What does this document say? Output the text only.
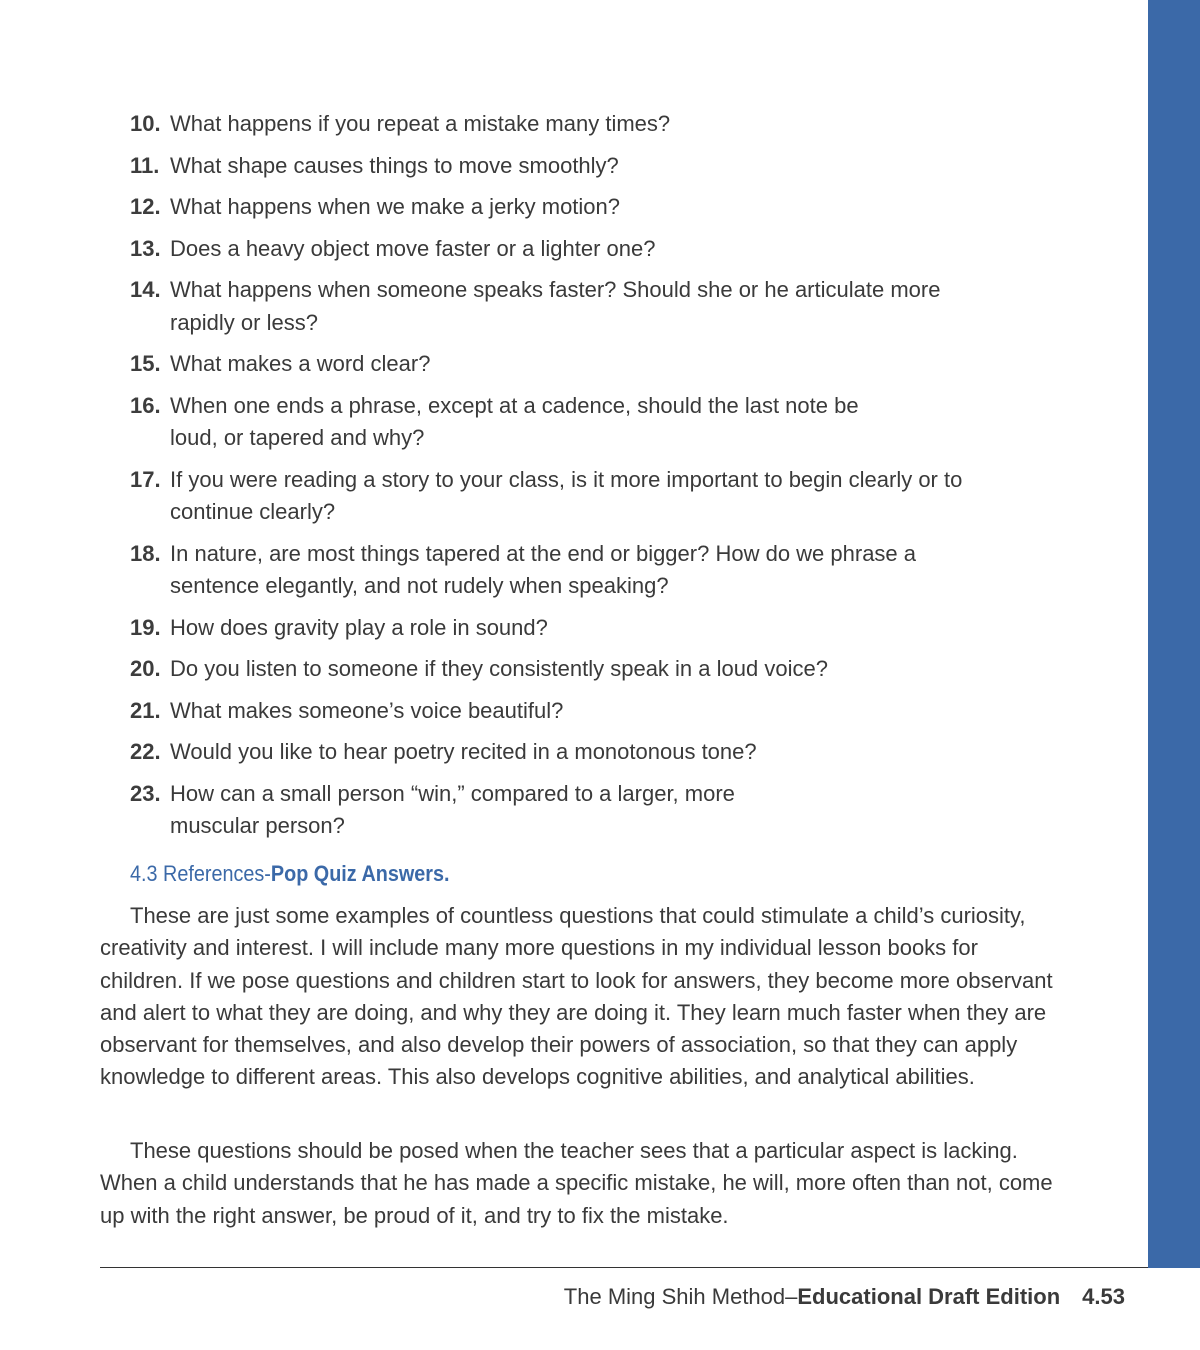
10. What happens if you repeat a mistake many times?
11. What shape causes things to move smoothly?
12. What happens when we make a jerky motion?
13. Does a heavy object move faster or a lighter one?
14. What happens when someone speaks faster? Should she or he articulate more rapidly or less?
15. What makes a word clear?
16. When one ends a phrase, except at a cadence, should the last note be loud, or tapered and why?
17. If you were reading a story to your class, is it more important to begin clearly or to continue clearly?
18. In nature, are most things tapered at the end or bigger? How do we phrase a sentence elegantly, and not rudely when speaking?
19. How does gravity play a role in sound?
20. Do you listen to someone if they consistently speak in a loud voice?
21. What makes someone’s voice beautiful?
22. Would you like to hear poetry recited in a monotonous tone?
23. How can a small person “win,” compared to a larger, more muscular person?
4.3 References-Pop Quiz Answers.

These are just some examples of countless questions that could stimulate a child’s curiosity, creativity and interest. I will include many more questions in my individual lesson books for children. If we pose questions and children start to look for answers, they become more observant and alert to what they are doing, and why they are doing it. They learn much faster when they are observant for themselves, and also develop their powers of association, so that they can apply knowledge to different areas. This also develops cognitive abilities, and analytical abilities.

These questions should be posed when the teacher sees that a particular aspect is lacking. When a child understands that he has made a specific mistake, he will, more often than not, come up with the right answer, be proud of it, and try to fix the mistake.

The Ming Shih Method–Educational Draft Edition 4.53
